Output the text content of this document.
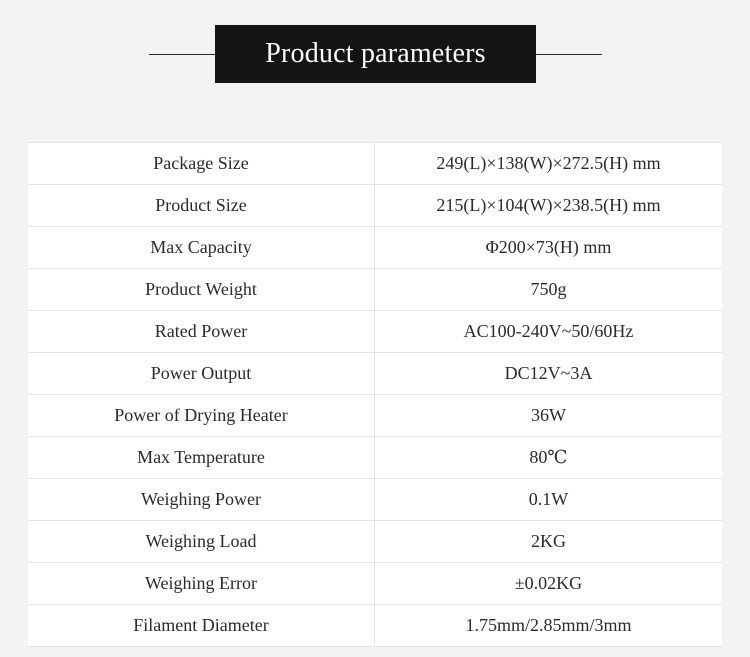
Product parameters
Package Size	249(L)×138(W)×272.5(H) mm
Product Size	215(L)×104(W)×238.5(H) mm
Max Capacity	Φ200×73(H) mm
Product Weight	750g
Rated Power	AC100-240V~50/60Hz
Power Output	DC12V~3A
Power of Drying Heater	36W
Max Temperature	80℃
Weighing Power	0.1W
Weighing Load	2KG
Weighing Error	±0.02KG
Filament Diameter	1.75mm/2.85mm/3mm
